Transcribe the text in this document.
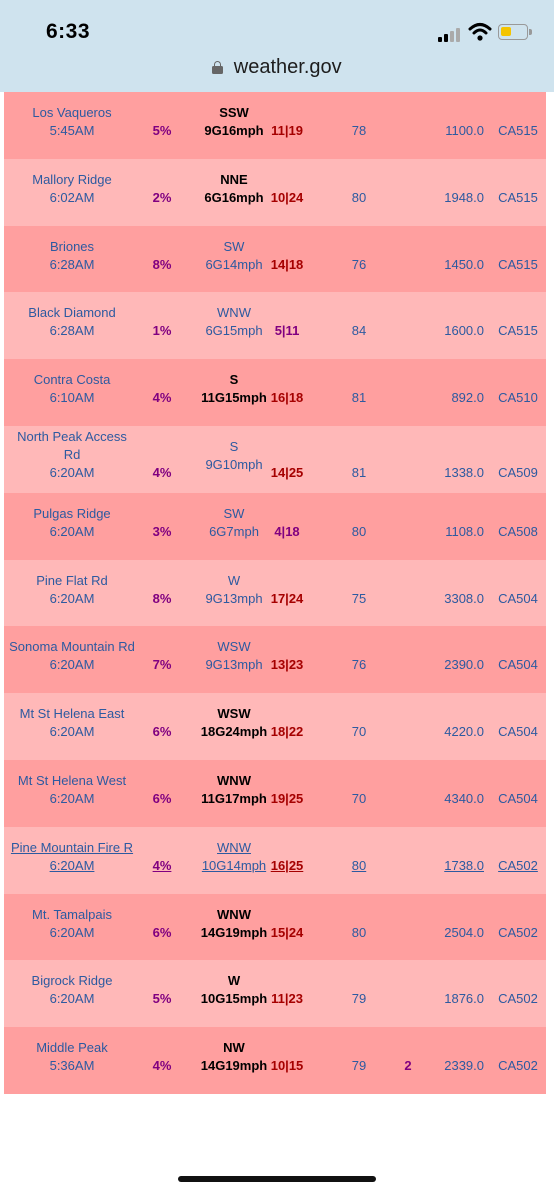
6:33
weather.gov
Los Vaqueros
5:45AM	5%
SSW
9G16mph 11|19	78	1100.0	CA515
Mallory Ridge
6:02AM	2%
NNE
6G16mph 10|24	80	1948.0	CA515
Briones
6:28AM	8%
SW
6G14mph 14|18	76	1450.0	CA515
Black Diamond
6:28AM	1%
WNW
6G15mph 5|11	84	1600.0	CA515
Contra Costa
6:10AM	4%
S
11G15mph 16|18	81	892.0	CA510
North Peak Access
Rd
6:20AM	4%
S
9G10mph
14|25	81	1338.0	CA509
Pulgas Ridge
6:20AM	3%
SW
6G7mph	4|18	80	1108.0	CA508
Pine Flat Rd
6:20AM	8%
W
9G13mph 17|24	75	3308.0	CA504
Sonoma Mountain Rd
6:20AM	7%
WSW
9G13mph 13|23	76	2390.0	CA504
Mt St Helena East
6:20AM	6%
WSW
18G24mph 18|22	70	4220.0	CA504
Mt St Helena West
6:20AM	6%
WNW
11G17mph 19|25	70	4340.0	CA504
Pine Mountain Fire R
6:20AM	4%
WNW
10G14mph 16|25	80	1738.0	CA502
Mt. Tamalpais
6:20AM	6%
WNW
14G19mph 15|24	80	2504.0	CA502
Bigrock Ridge
6:20AM	5%
W
10G15mph 11|23	79	1876.0	CA502
Middle Peak
5:36AM	4%
NW
14G19mph 10|15	79	2	2339.0	CA502
